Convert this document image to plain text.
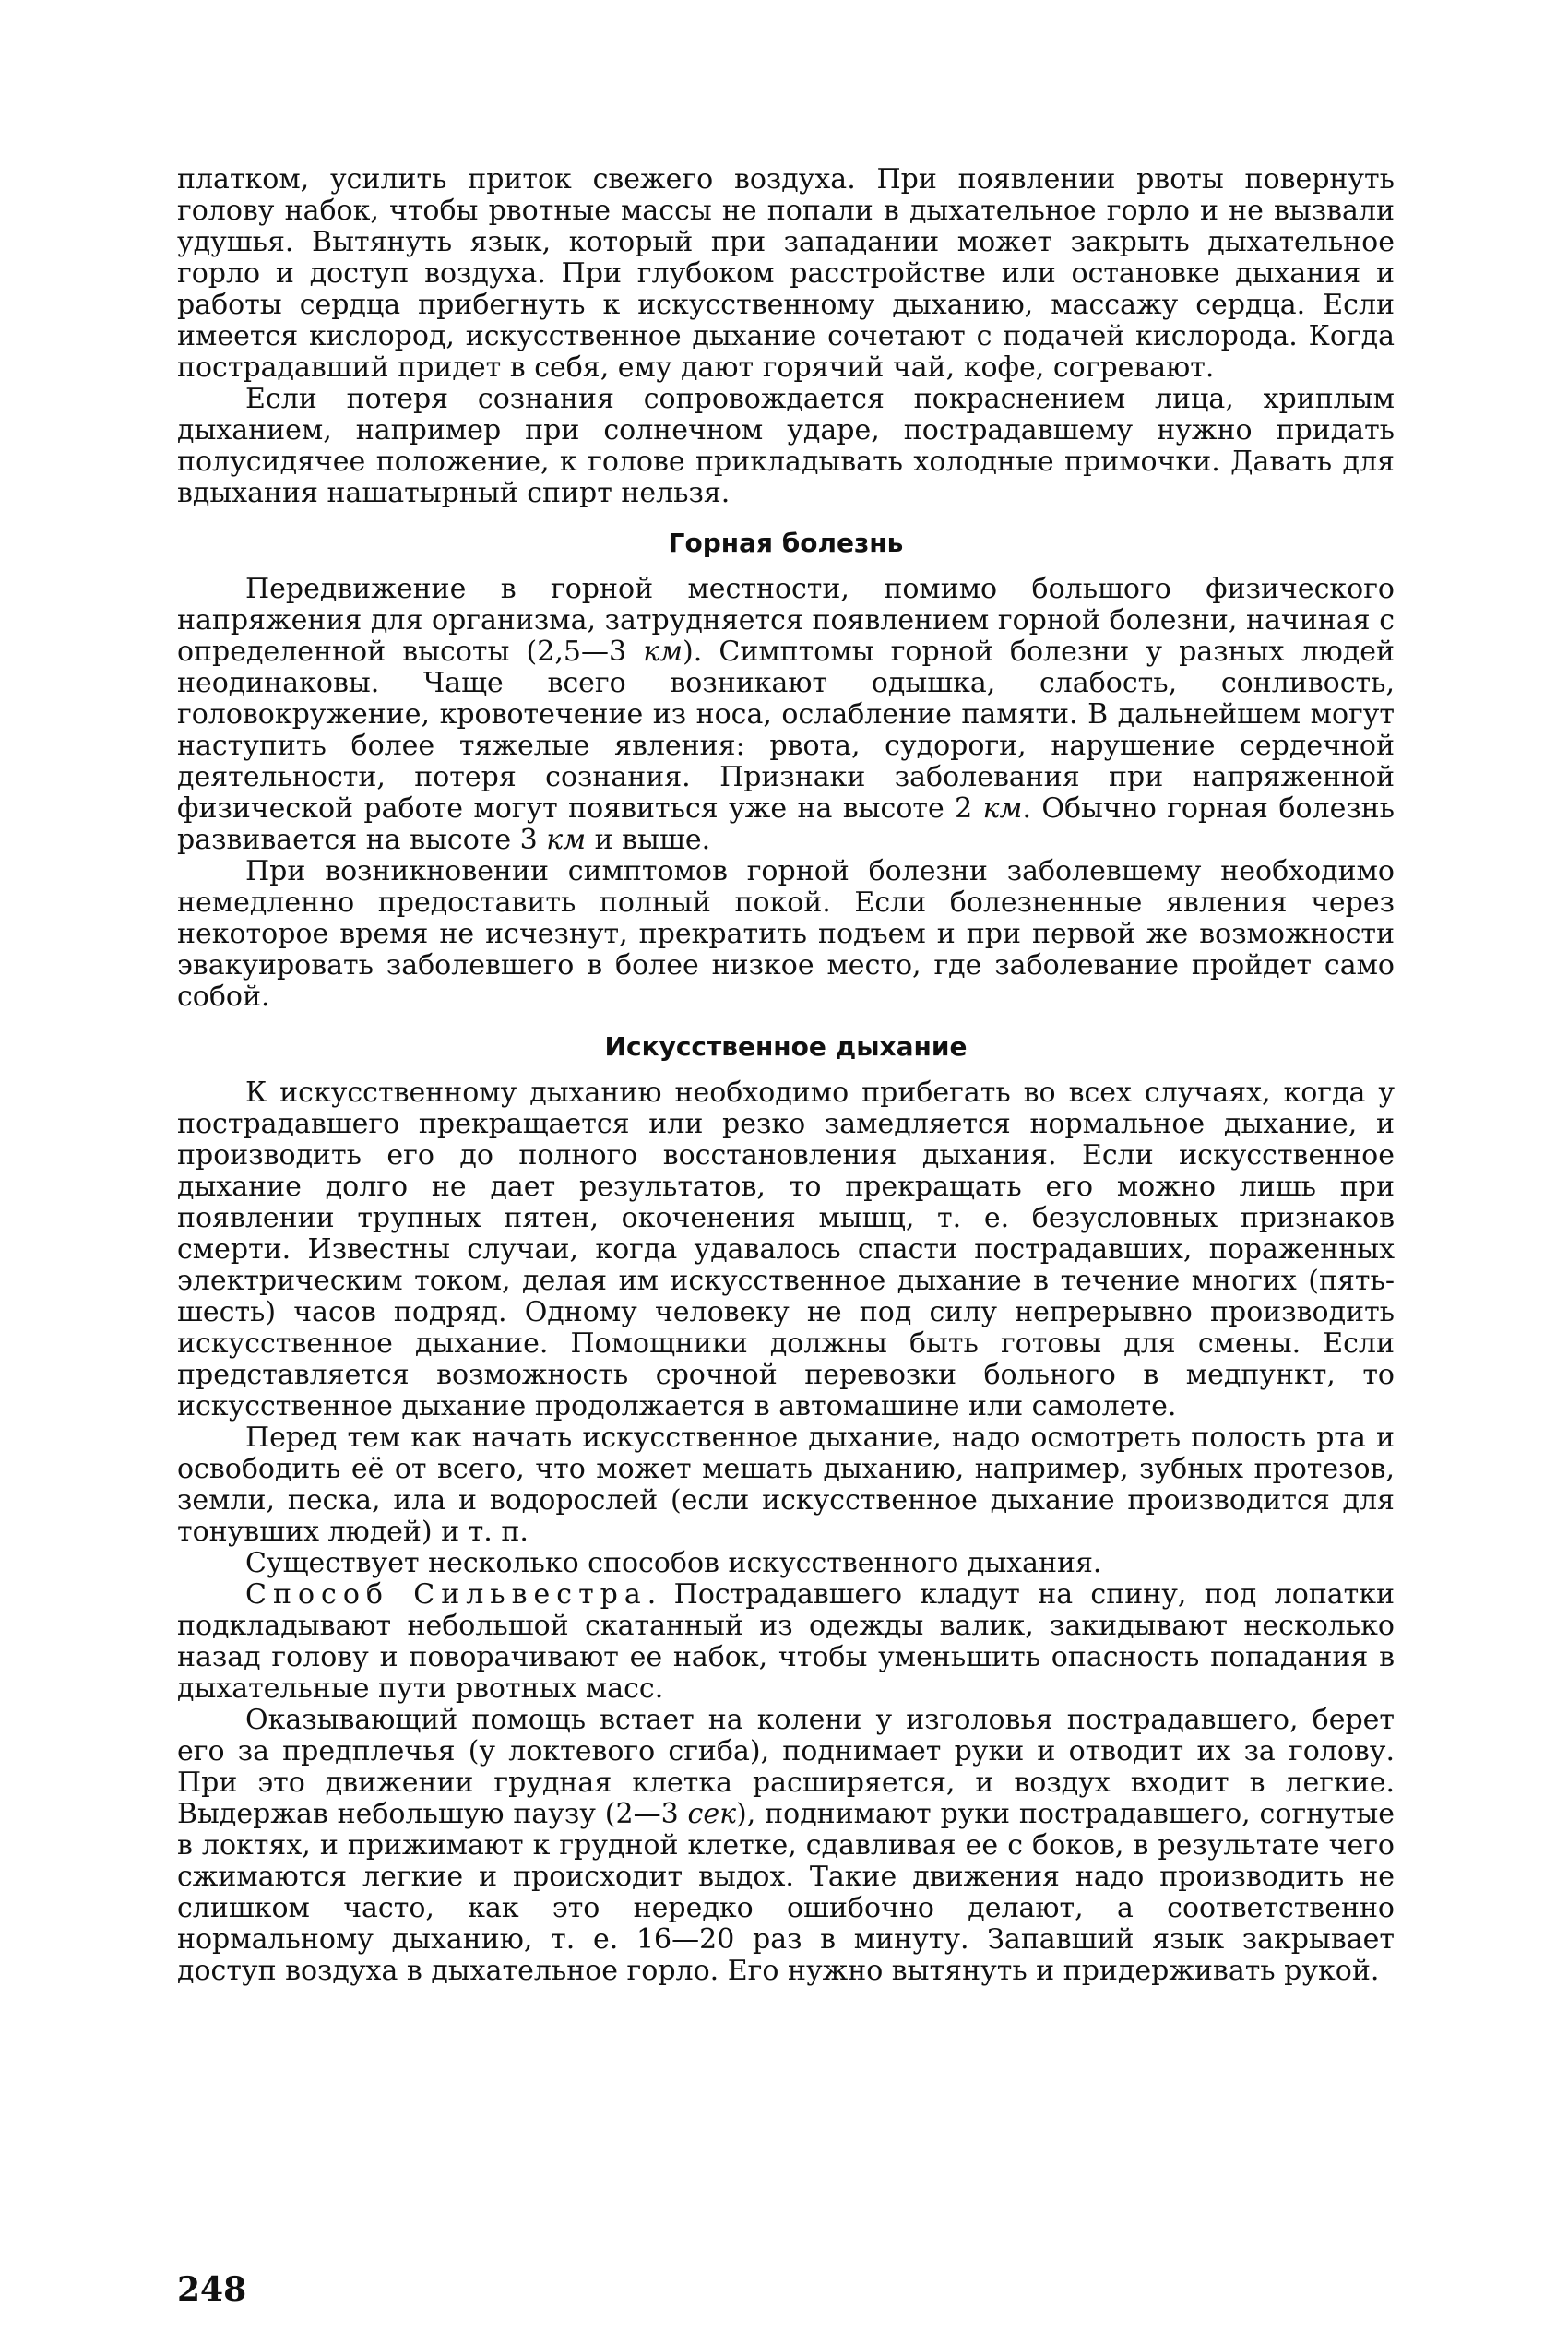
платком, усилить приток свежего воздуха. При появлении рвоты повернуть голову набок, чтобы рвотные массы не попали в дыхательное горло и не вызвали удушья. Вытянуть язык, который при западании может закрыть дыхательное горло и доступ воздуха. При глубоком расстройстве или остановке дыхания и работы сердца прибегнуть к искусственному дыханию, массажу сердца. Если имеется кислород, искусственное дыхание сочетают с подачей кислорода. Когда пострадавший придет в себя, ему дают горячий чай, кофе, согревают.

Если потеря сознания сопровождается покраснением лица, хриплым дыханием, например при солнечном ударе, пострадавшему нужно придать полусидячее положение, к голове прикладывать холодные примочки. Давать для вдыхания нашатырный спирт нельзя.

Горная болезнь

Передвижение в горной местности, помимо большого физического напряжения для организма, затрудняется появлением горной болезни, начиная с определенной высоты (2,5—3 км). Симптомы горной болезни у разных людей неодинаковы. Чаще всего возникают одышка, слабость, сонливость, головокружение, кровотечение из носа, ослабление памяти. В дальнейшем могут наступить более тяжелые явления: рвота, судороги, нарушение сердечной деятельности, потеря сознания. Признаки заболевания при напряженной физической работе могут появиться уже на высоте 2 км. Обычно горная болезнь развивается на высоте 3 км и выше.

При возникновении симптомов горной болезни заболевшему необходимо немедленно предоставить полный покой. Если болезненные явления через некоторое время не исчезнут, прекратить подъем и при первой же возможности эвакуировать заболевшего в более низкое место, где заболевание пройдет само собой.

Искусственное дыхание

К искусственному дыханию необходимо прибегать во всех случаях, когда у пострадавшего прекращается или резко замедляется нормальное дыхание, и производить его до полного восстановления дыхания. Если искусственное дыхание долго не дает результатов, то прекращать его можно лишь при появлении трупных пятен, окоченения мышц, т. е. безусловных признаков смерти. Известны случаи, когда удавалось спасти пострадавших, пораженных электрическим током, делая им искусственное дыхание в течение многих (пять-шесть) часов подряд. Одному человеку не под силу непрерывно производить искусственное дыхание. Помощники должны быть готовы для смены. Если представляется возможность срочной перевозки больного в медпункт, то искусственное дыхание продолжается в автомашине или самолете.

Перед тем как начать искусственное дыхание, надо осмотреть полость рта и освободить её от всего, что может мешать дыханию, например, зубных протезов, земли, песка, ила и водорослей (если искусственное дыхание производится для тонувших людей) и т. п.

Существует несколько способов искусственного дыхания.

Способ Сильвестра. Пострадавшего кладут на спину, под лопатки подкладывают небольшой скатанный из одежды валик, закидывают несколько назад голову и поворачивают ее набок, чтобы уменьшить опасность попадания в дыхательные пути рвотных масс.

Оказывающий помощь встает на колени у изголовья пострадавшего, берет его за предплечья (у локтевого сгиба), поднимает руки и отводит их за голову. При это движении грудная клетка расширяется, и воздух входит в легкие. Выдержав небольшую паузу (2—3 сек), поднимают руки пострадавшего, согнутые в локтях, и прижимают к грудной клетке, сдавливая ее с боков, в результате чего сжимаются легкие и происходит выдох. Такие движения надо производить не слишком часто, как это нередко ошибочно делают, а соответственно нормальному дыханию, т. е. 16—20 раз в минуту. Запавший язык закрывает доступ воздуха в дыхательное горло. Его нужно вытянуть и придерживать рукой.

248
